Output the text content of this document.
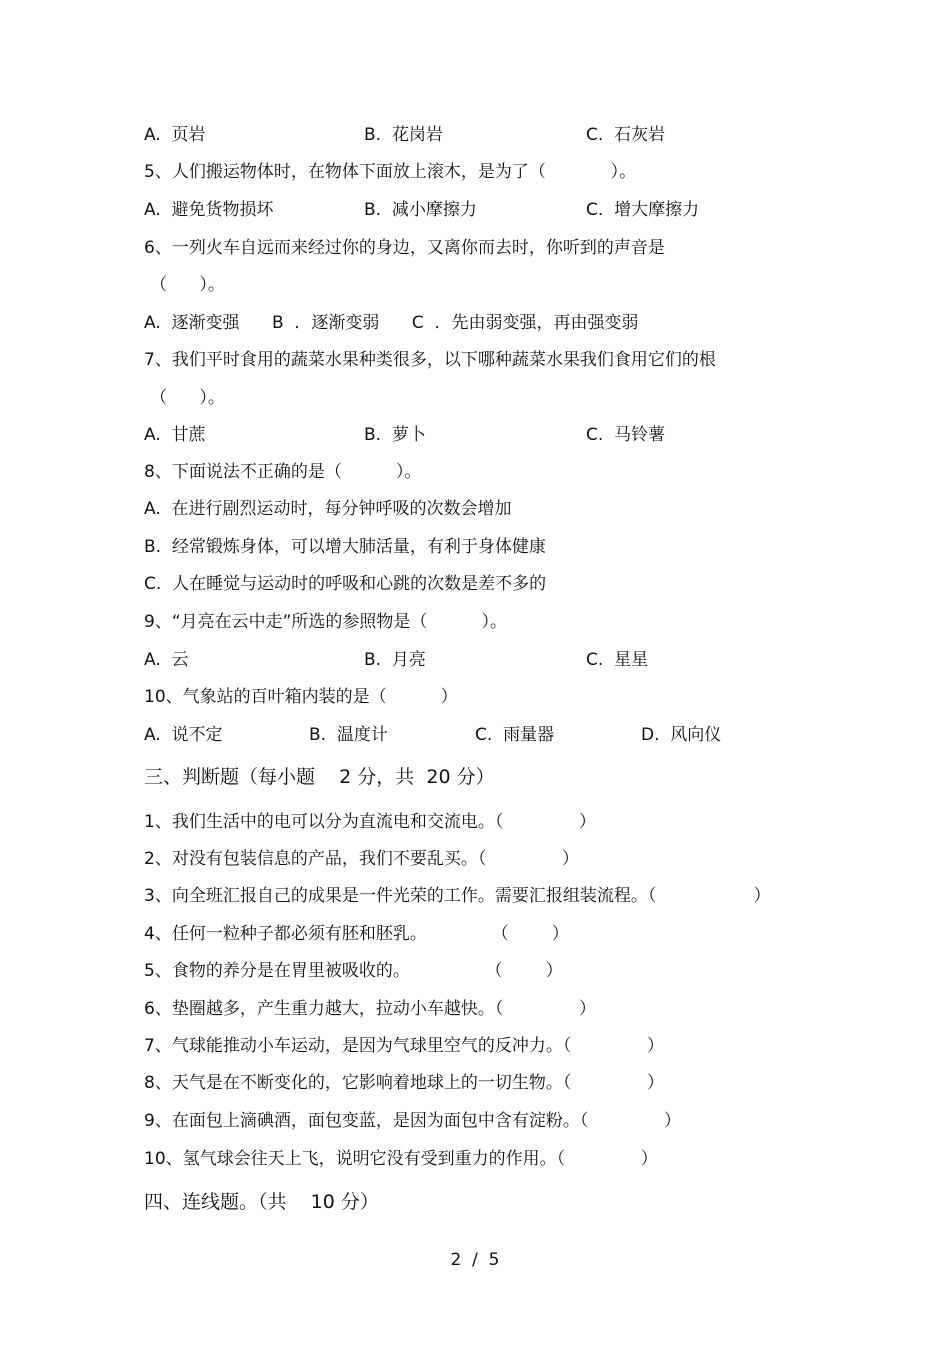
A.  页岩	B.  花岗岩	C.  石灰岩
5、人们搬运物体时，在物体下面放上滚木，是为了（            ）。
A.  避免货物损坏	B.  减小摩擦力	C.  增大摩擦力
6、一列火车自远而来经过你的身边，又离你而去时，你听到的声音是
（      ）。
A.  逐渐变强      B  ．逐渐变弱      C  ．先由弱变强，再由强变弱
7、我们平时食用的蔬菜水果种类很多，以下哪种蔬菜水果我们食用它们的根
（      ）。
A.  甘蔗	B.  萝卜	C.  马铃薯
8、下面说法不正确的是（          ）。
A.  在进行剧烈运动时，每分钟呼吸的次数会增加
B.  经常锻炼身体，可以增大肺活量，有利于身体健康
C.  人在睡觉与运动时的呼吸和心跳的次数是差不多的
9、“月亮在云中走”所选的参照物是（          ）。
A.  云	B.  月亮	C.  星星
10、气象站的百叶箱内装的是（          ）
A.  说不定	B.  温度计	C.  雨量器	D.  风向仪
三、判断题（每小题    2 分，共  20 分）
1、我们生活中的电可以分为直流电和交流电。（              ）
2、对没有包装信息的产品，我们不要乱买。（              ）
3、向全班汇报自己的成果是一件光荣的工作。需要汇报组装流程。（                  ）
4、任何一粒种子都必须有胚和胚乳。            （        ）
5、食物的养分是在胃里被吸收的。              （        ）
6、垫圈越多，产生重力越大，拉动小车越快。（              ）
7、气球能推动小车运动，是因为气球里空气的反冲力。（              ）
8、天气是在不断变化的，它影响着地球上的一切生物。（              ）
9、在面包上滴碘酒，面包变蓝，是因为面包中含有淀粉。（              ）
10、氢气球会往天上飞，说明它没有受到重力的作用。（              ）
四、连线题。（共    10 分）
2  /  5
